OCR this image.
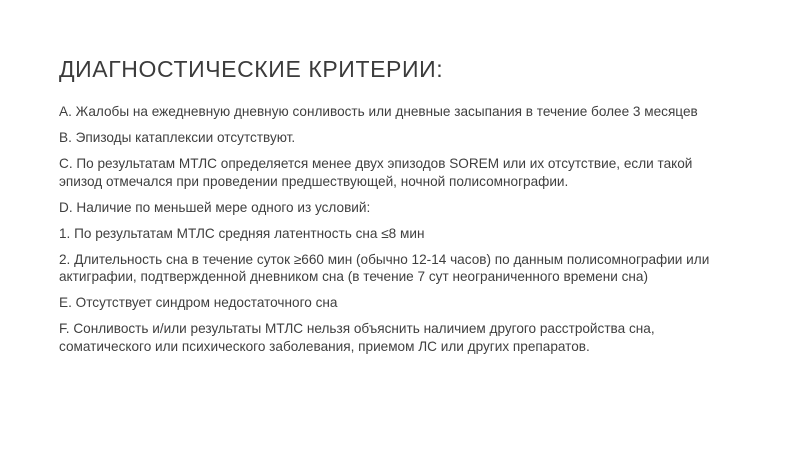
ДИАГНОСТИЧЕСКИЕ КРИТЕРИИ:

A. Жалобы на ежедневную дневную сонливость или дневные засыпания в течение более 3 месяцев

B. Эпизоды катаплексии отсутствуют.

C. По результатам МТЛС определяется менее двух эпизодов SOREM или их отсутствие, если такой эпизод отмечался при проведении предшествующей, ночной полисомнографии.

D. Наличие по меньшей мере одного из условий:

1. По результатам МТЛС средняя латентность сна ≤8 мин

2. Длительность сна в течение суток ≥660 мин (обычно 12-14 часов) по данным полисомнографии или актиграфии, подтвержденной дневником сна (в течение 7 сут неограниченного времени сна)

E. Отсутствует синдром недостаточного сна

F. Сонливость и/или результаты МТЛС нельзя объяснить наличием другого расстройства сна, соматического или психического заболевания, приемом ЛС или других препаратов.
